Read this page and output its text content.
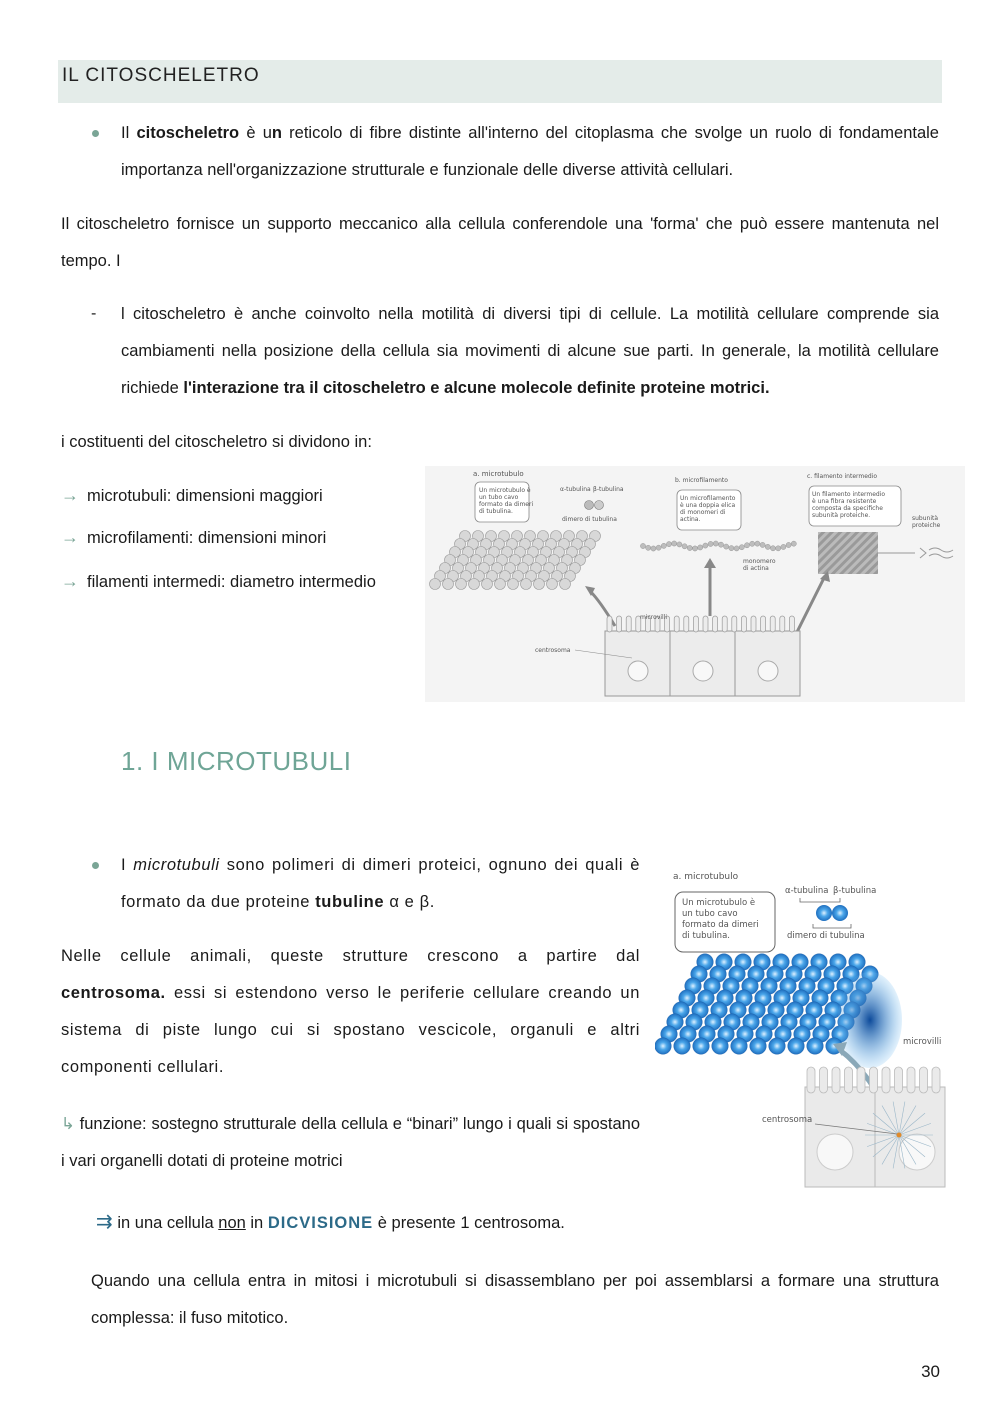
IL CITOSCHELETRO
Il citoscheletro è un reticolo di fibre distinte all'interno del citoplasma che svolge un ruolo di fondamentale importanza nell'organizzazione strutturale e funzionale delle diverse attività cellulari.
Il citoscheletro fornisce un supporto meccanico alla cellula conferendole una 'forma' che può essere mantenuta nel tempo. I
- l citoscheletro è anche coinvolto nella motilità di diversi tipi di cellule. La motilità cellulare comprende sia cambiamenti nella posizione della cellula sia movimenti di alcune sue parti. In generale, la motilità cellulare richiede l'interazione tra il citoscheletro e alcune molecole definite proteine motrici.
i costituenti del citoscheletro si dividono in:
→ microtubuli: dimensioni maggiori
→ microfilamenti: dimensioni minori
→ filamenti intermedi: diametro intermedio
a. microtubulo
Un microtubulo è
un tubo cavo
formato da dimeri
di tubulina.
α-tubulina β-tubulina
dimero di tubulina
b. microfilamento
Un microfilamento
è una doppia elica
di monomeri di
actina.
monomero
di actina
c. filamento intermedio
Un filamento intermedio
è una fibra resistente
composta da specifiche
subunità proteiche.	subunità
proteiche
microvilli
centrosoma
1. I MICROTUBULI
I microtubuli sono polimeri di dimeri proteici, ognuno dei quali è formato da due proteine tubuline α e β.
Nelle cellule animali, queste strutture crescono a partire dal centrosoma. essi si estendono verso le periferie cellulare creando un sistema di piste lungo cui si spostano vescicole, organuli e altri componenti cellulari.
↳ funzione: sostegno strutturale della cellula e “binari” lungo i quali si spostano i vari organelli dotati di proteine motrici
⇉ in una cellula non in DICVISIONE è presente 1 centrosoma.
Quando una cellula entra in mitosi i microtubuli si disassemblano per poi assemblarsi a formare una struttura complessa: il fuso mitotico.
a. microtubulo
Un microtubulo è
un tubo cavo
formato da dimeri
di tubulina.
α-tubulina β-tubulina
dimero di tubulina
microvilli
centrosoma
30
